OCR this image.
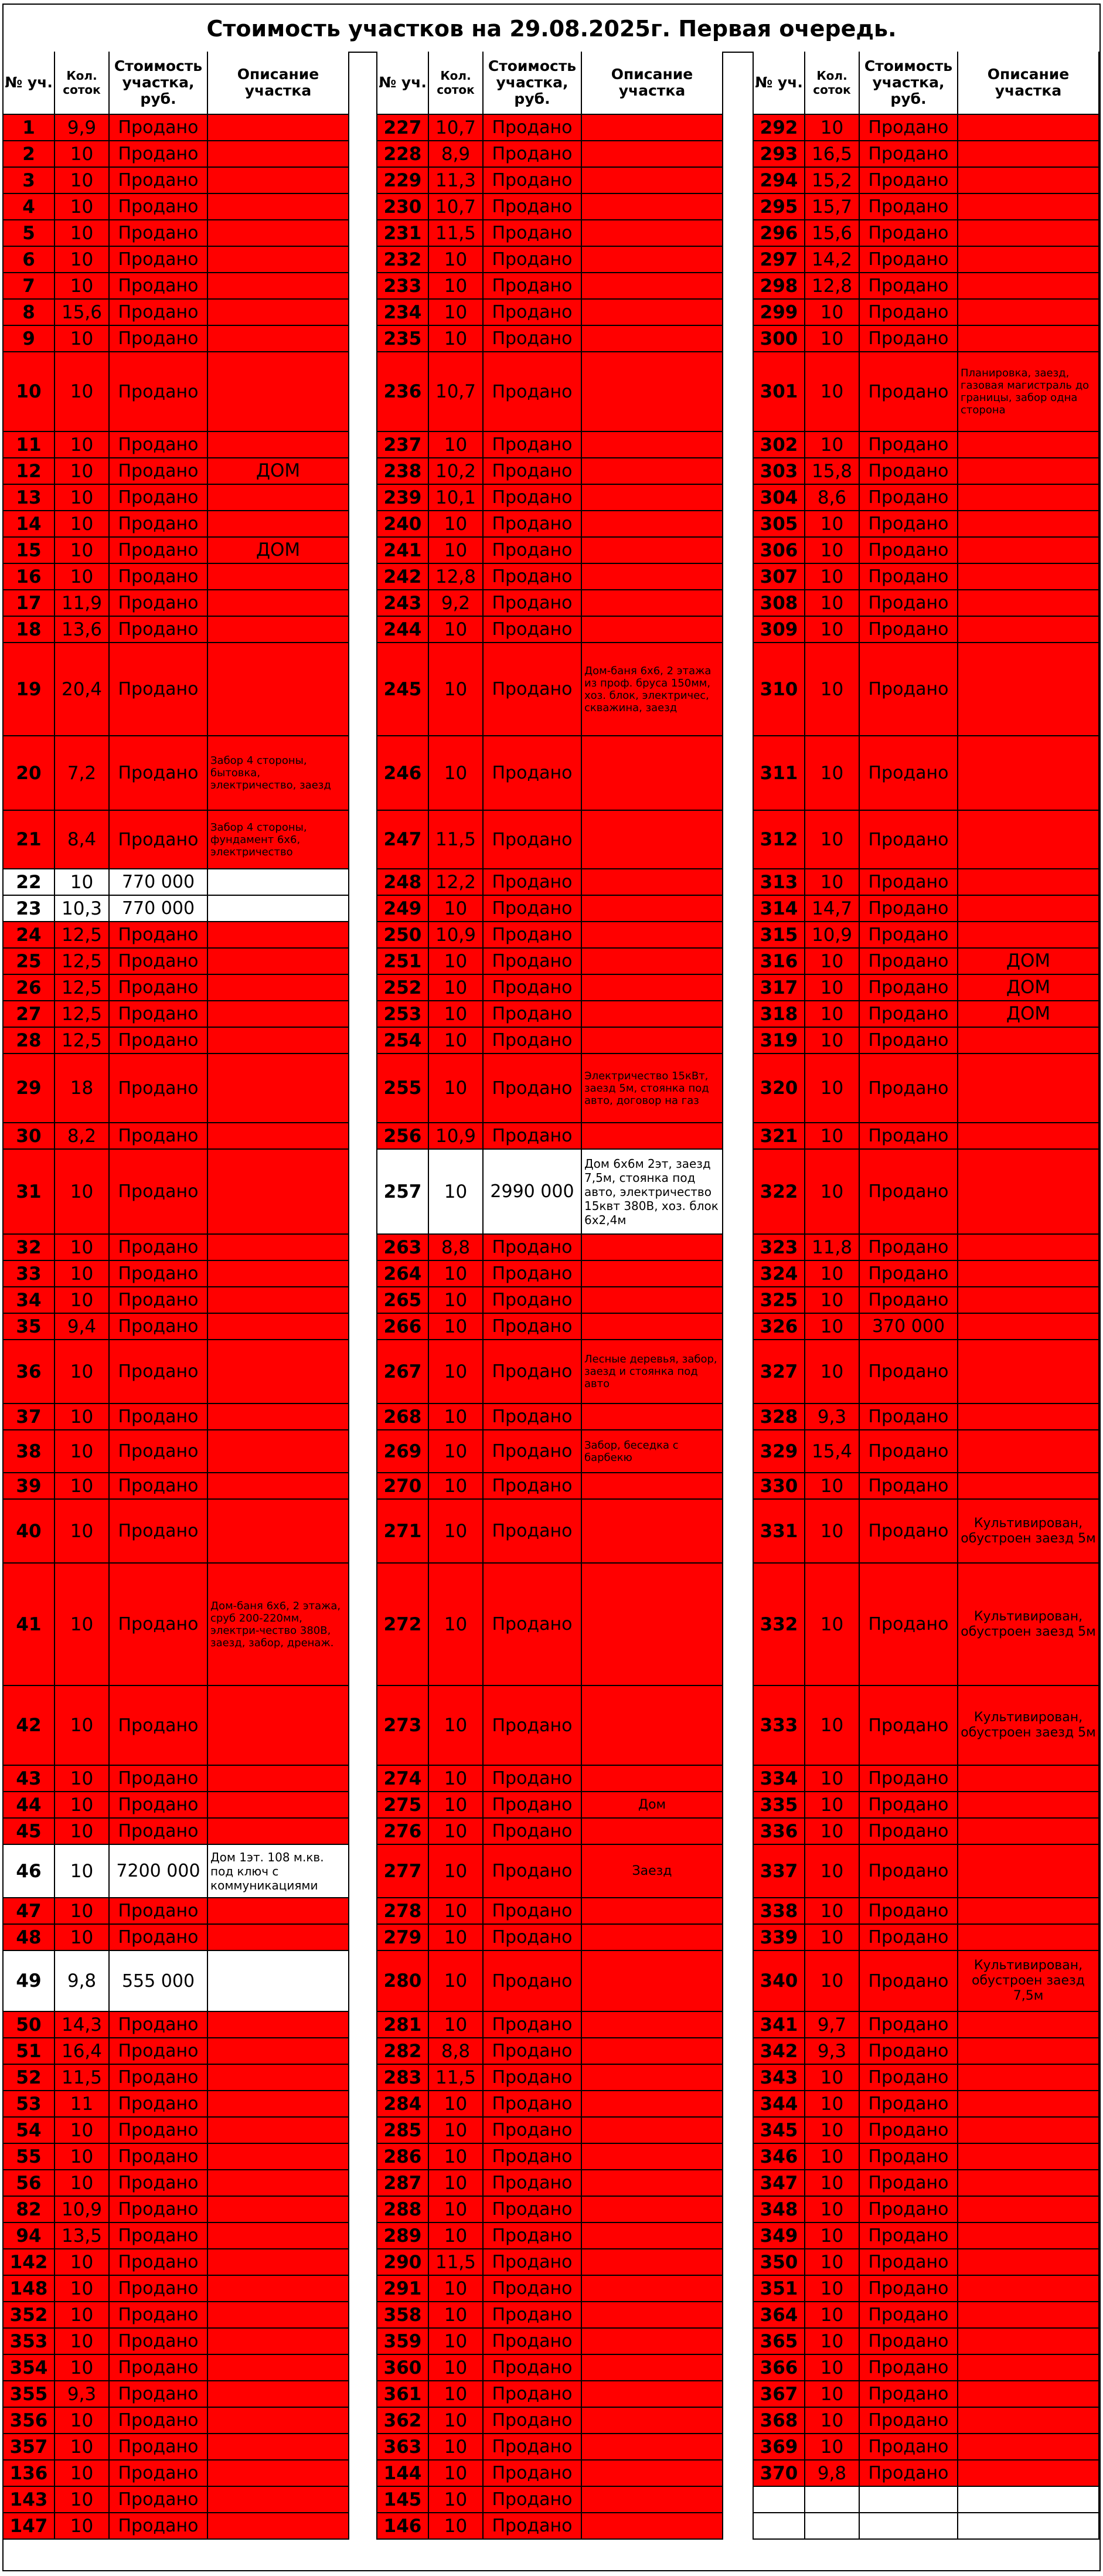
Стоимость участков на 29.08.2025г. Первая очередь.
№ уч.	Кол. соток
Стоимость участка, руб.
Описание участка
1	9,9	Продано
2	10	Продано
3	10	Продано
4	10	Продано
5	10	Продано
6	10	Продано
7	10	Продано
8	15,6 Продано
9	10	Продано
10	10	Продано
11	10	Продано
12	10	Продано	ДОМ
13	10	Продано
14	10	Продано
15	10	Продано	ДОМ
16	10	Продано
17	11,9 Продано
18	13,6 Продано
19	20,4 Продано
20	7,2	Продано
Забор 4 стороны, бытовка, электричество, заезд
21	8,4	Продано
Забор 4 стороны, фундамент 6х6, электричество
22	10	770 000
23	10,3	770 000
24	12,5 Продано
25	12,5 Продано
26	12,5 Продано
27	12,5 Продано
28	12,5 Продано
29	18	Продано
30	8,2	Продано
31	10	Продано
32	10	Продано
33	10	Продано
34	10	Продано
35	9,4	Продано
36	10	Продано
37	10	Продано
38	10	Продано
39	10	Продано
40	10	Продано
41	10	Продано
Дом-баня 6х6, 2 этажа, сруб 200-220мм, электри-чество 380В, заезд, забор, дренаж.
42	10	Продано
43	10	Продано
44	10	Продано
45	10	Продано
46	10	7200 000
Дом 1эт. 108 м.кв. под ключ с коммуникациями
47	10	Продано
48	10	Продано
49	9,8	555 000
50	14,3 Продано
51	16,4 Продано
52	11,5 Продано
53	11	Продано
54	10	Продано
55	10	Продано
56	10	Продано
82	10,9 Продано
94	13,5 Продано
142	10	Продано
148	10	Продано
352	10	Продано
353	10	Продано
354	10	Продано
355	9,3	Продано
356	10	Продано
357	10	Продано
136	10	Продано
143	10	Продано
147	10	Продано
№ уч.	Кол. соток
Стоимость участка, руб.
Описание участка
227 10,7 Продано
228	8,9	Продано
229 11,3 Продано
230 10,7 Продано
231 11,5 Продано
232	10	Продано
233	10	Продано
234	10	Продано
235	10	Продано
236 10,7 Продано
237	10	Продано
238 10,2 Продано
239 10,1 Продано
240	10	Продано
241	10	Продано
242 12,8 Продано
243	9,2	Продано
244	10	Продано
245	10	Продано
Дом-баня 6х6, 2 этажа из проф. бруса 150мм, хоз. блок, электричес, скважина, заезд
246	10	Продано
247 11,5 Продано
248 12,2 Продано
249	10	Продано
250 10,9 Продано
251	10	Продано
252	10	Продано
253	10	Продано
254	10	Продано
255	10	Продано
Электричество 15кВт, заезд 5м, стоянка под авто, договор на газ
256 10,9 Продано
257	10	2990 000
Дом 6х6м 2эт, заезд 7,5м, стоянка под авто, электричество 15квт 380В, хоз. блок 6х2,4м
263	8,8	Продано
264	10	Продано
265	10	Продано
266	10	Продано
267	10	Продано
Лесные деревья, забор, заезд и стоянка под авто
268	10	Продано
269	10	Продано	Забор, беседка с барбекю
270	10	Продано
271	10	Продано
272	10	Продано
273	10	Продано
274	10	Продано
275	10	Продано	Дом
276	10	Продано
277	10	Продано	Заезд
278	10	Продано
279	10	Продано
280	10	Продано
281	10	Продано
282	8,8	Продано
283 11,5 Продано
284	10	Продано
285	10	Продано
286	10	Продано
287	10	Продано
288	10	Продано
289	10	Продано
290 11,5 Продано
291	10	Продано
358	10	Продано
359	10	Продано
360	10	Продано
361	10	Продано
362	10	Продано
363	10	Продано
144	10	Продано
145	10	Продано
146	10	Продано
№ уч.	Кол. соток
Стоимость участка, руб.
Описание участка
292	10	Продано
293 16,5 Продано
294 15,2 Продано
295 15,7 Продано
296 15,6 Продано
297 14,2 Продано
298 12,8 Продано
299	10	Продано
300	10	Продано
301	10	Продано
Планировка, заезд, газовая магистраль до границы, забор одна сторона
302	10	Продано
303 15,8 Продано
304	8,6	Продано
305	10	Продано
306	10	Продано
307	10	Продано
308	10	Продано
309	10	Продано
310	10	Продано
311	10	Продано
312	10	Продано
313	10	Продано
314 14,7 Продано
315 10,9 Продано
316	10	Продано	ДОМ
317	10	Продано	ДОМ
318	10	Продано	ДОМ
319	10	Продано
320	10	Продано
321	10	Продано
322	10	Продано
323 11,8 Продано
324	10	Продано
325	10	Продано
326	10	370 000
327	10	Продано
328	9,3	Продано
329 15,4 Продано
330	10	Продано
331	10	Продано	Культивирован, обустроен заезд 5м
332	10	Продано	Культивирован, обустроен заезд 5м
333	10	Продано	Культивирован, обустроен заезд 5м
334	10	Продано
335	10	Продано
336	10	Продано
337	10	Продано
338	10	Продано
339	10	Продано
340	10	Продано
Культивирован, обустроен заезд 7,5м
341	9,7	Продано
342	9,3	Продано
343	10	Продано
344	10	Продано
345	10	Продано
346	10	Продано
347	10	Продано
348	10	Продано
349	10	Продано
350	10	Продано
351	10	Продано
364	10	Продано
365	10	Продано
366	10	Продано
367	10	Продано
368	10	Продано
369	10	Продано
370	9,8	Продано
